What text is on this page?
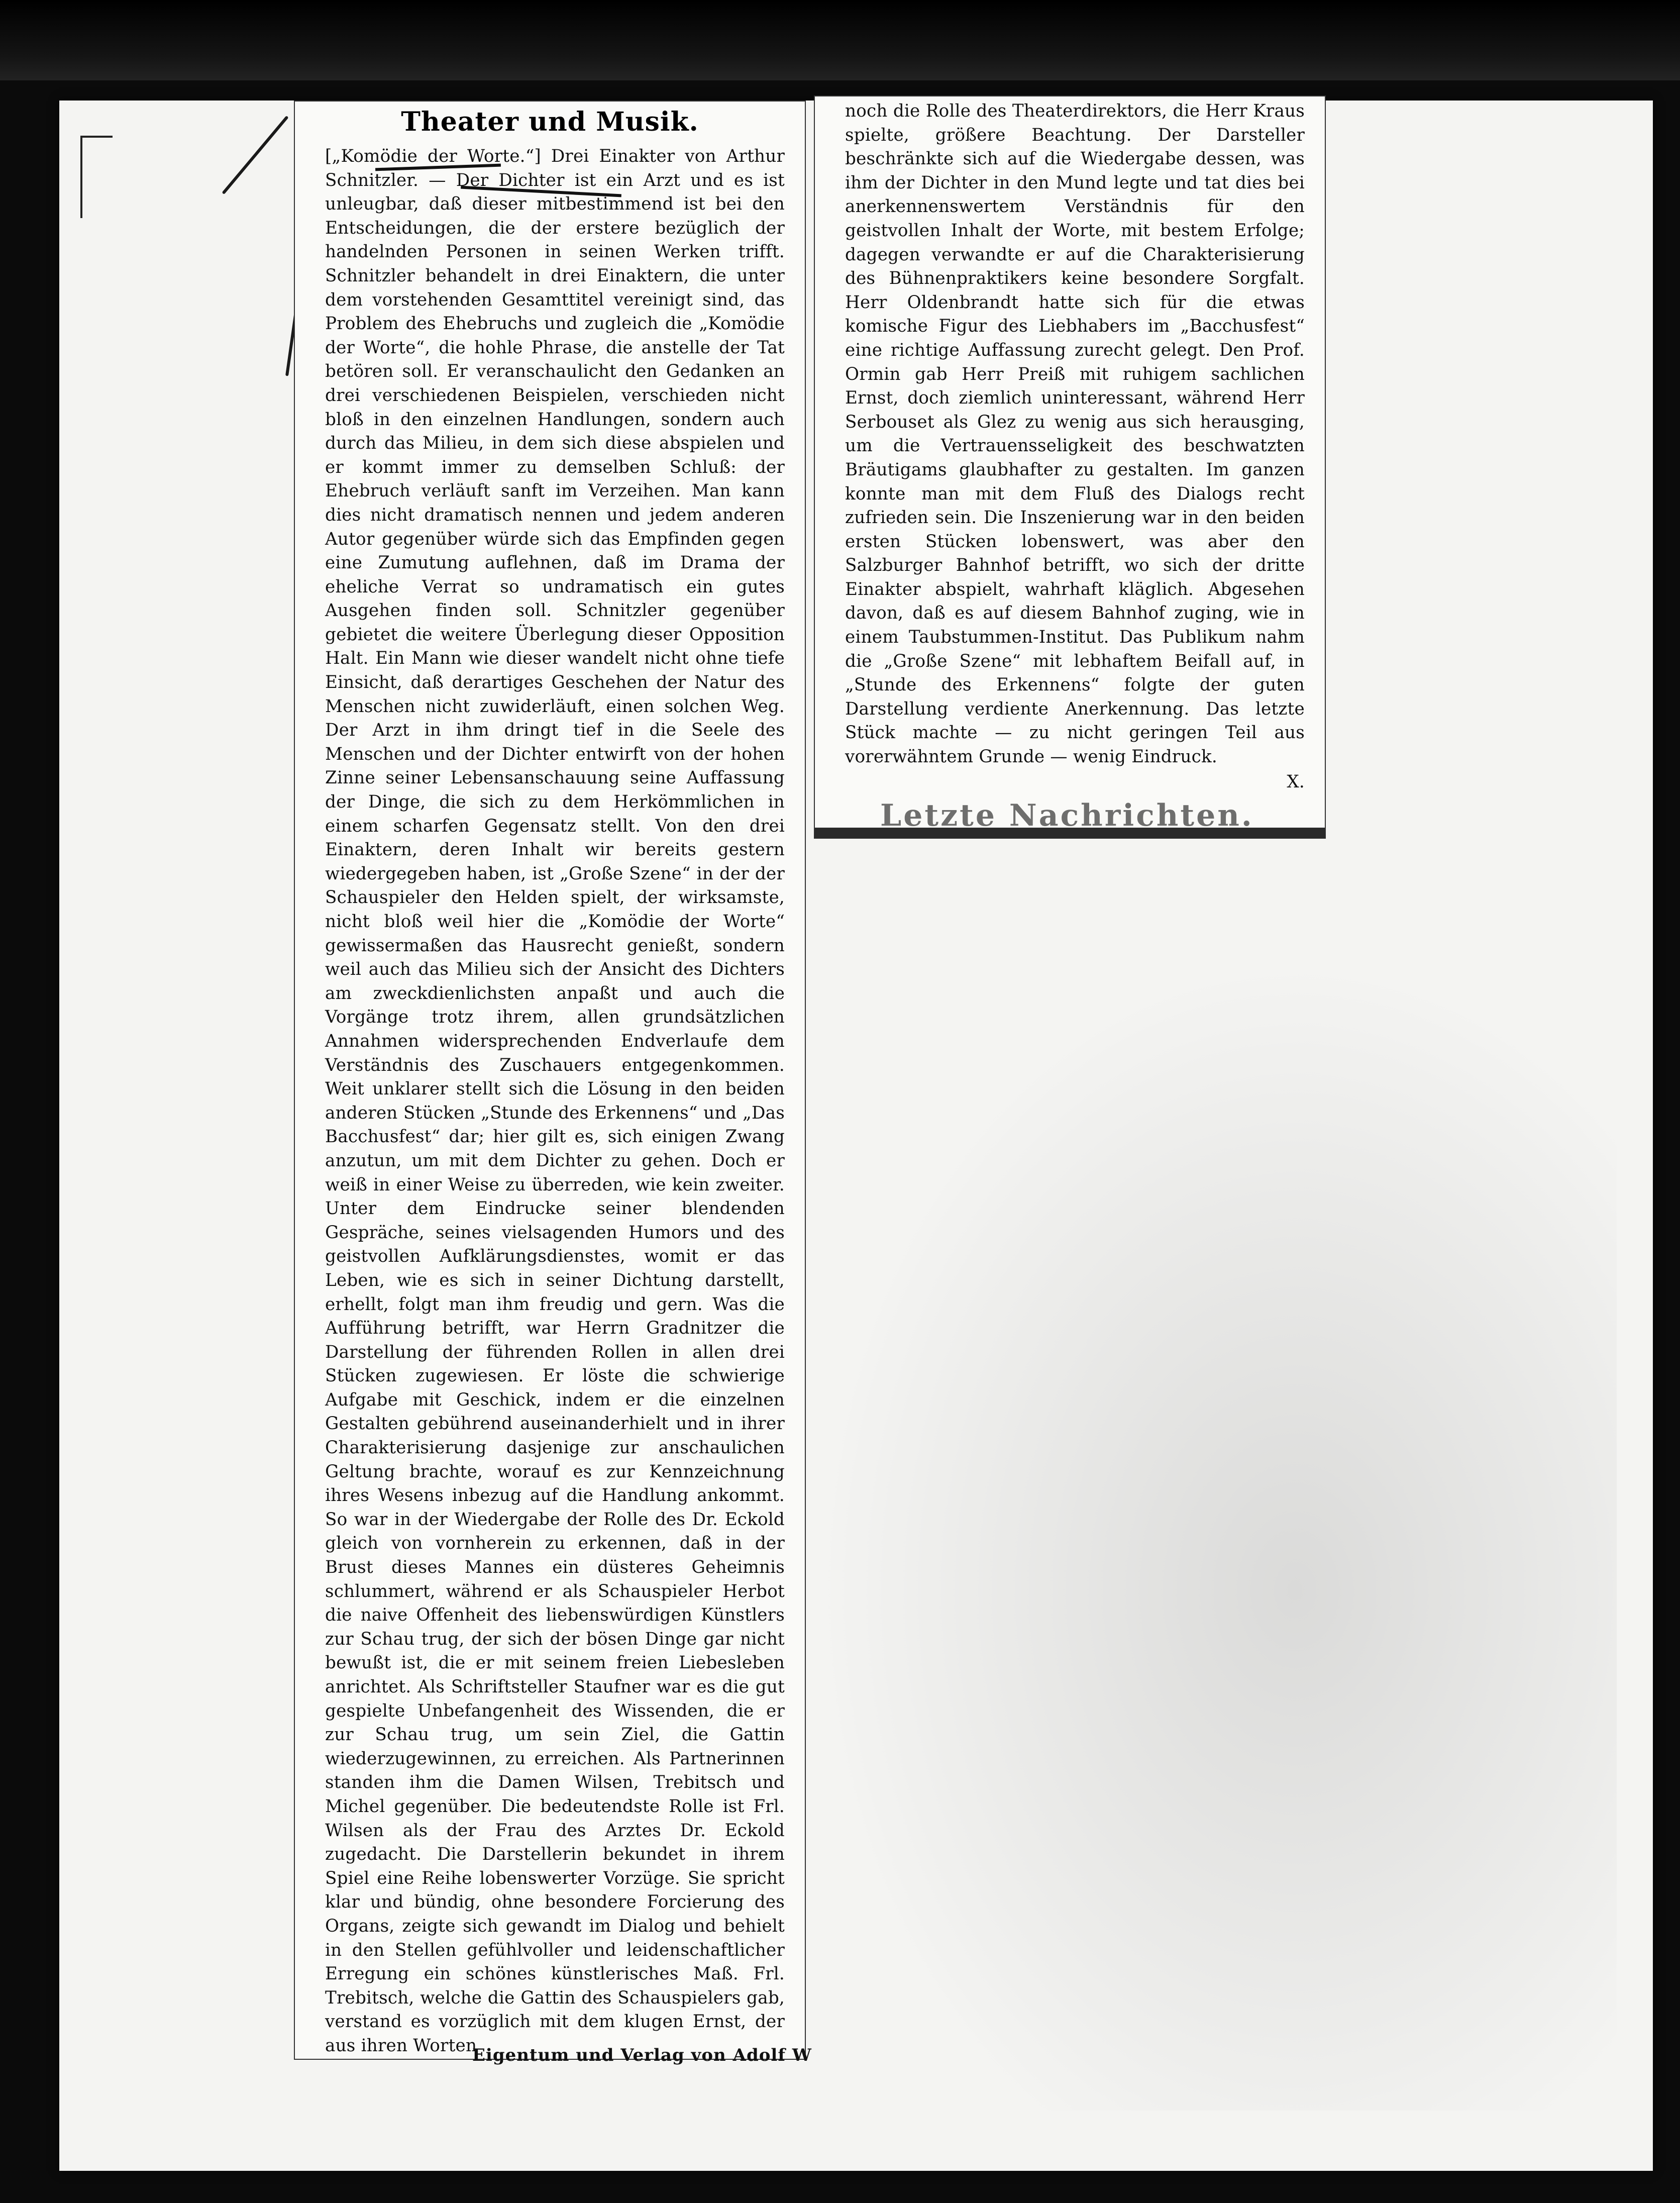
Theater und Musik.

[„Komödie der Worte.“] Drei Einakter von Arthur Schnitzler. — Der Dichter ist ein Arzt und es ist unleugbar, daß dieser mitbestimmend ist bei den Entscheidungen, die der erstere bezüglich der handelnden Personen in seinen Werken trifft. Schnitzler behandelt in drei Einaktern, die unter dem vorstehenden Gesamttitel vereinigt sind, das Problem des Ehebruchs und zugleich die „Komödie der Worte“, die hohle Phrase, die anstelle der Tat betören soll. Er veranschaulicht den Gedanken an drei verschiedenen Beispielen, verschieden nicht bloß in den einzelnen Handlungen, sondern auch durch das Milieu, in dem sich diese abspielen und er kommt immer zu demselben Schluß: der Ehebruch verläuft sanft im Verzeihen. Man kann dies nicht dramatisch nennen und jedem anderen Autor gegenüber würde sich das Empfinden gegen eine Zumutung auflehnen, daß im Drama der eheliche Verrat so undramatisch ein gutes Ausgehen finden soll. Schnitzler gegenüber gebietet die weitere Überlegung dieser Opposition Halt. Ein Mann wie dieser wandelt nicht ohne tiefe Einsicht, daß derartiges Geschehen der Natur des Menschen nicht zuwiderläuft, einen solchen Weg. Der Arzt in ihm dringt tief in die Seele des Menschen und der Dichter entwirft von der hohen Zinne seiner Lebensanschauung seine Auffassung der Dinge, die sich zu dem Herkömmlichen in einem scharfen Gegensatz stellt. Von den drei Einaktern, deren Inhalt wir bereits gestern wiedergegeben haben, ist „Große Szene“ in der der Schauspieler den Helden spielt, der wirksamste, nicht bloß weil hier die „Komödie der Worte“ gewissermaßen das Hausrecht genießt, sondern weil auch das Milieu sich der Ansicht des Dichters am zweckdienlichsten anpaßt und auch die Vorgänge trotz ihrem, allen grundsätzlichen Annahmen widersprechenden Endverlaufe dem Verständnis des Zuschauers entgegenkommen. Weit unklarer stellt sich die Lösung in den beiden anderen Stücken „Stunde des Erkennens“ und „Das Bacchusfest“ dar; hier gilt es, sich einigen Zwang anzutun, um mit dem Dichter zu gehen. Doch er weiß in einer Weise zu überreden, wie kein zweiter. Unter dem Eindrucke seiner blendenden Gespräche, seines vielsagenden Humors und des geistvollen Aufklärungsdienstes, womit er das Leben, wie es sich in seiner Dichtung darstellt, erhellt, folgt man ihm freudig und gern. Was die Aufführung betrifft, war Herrn Gradnitzer die Darstellung der führenden Rollen in allen drei Stücken zugewiesen. Er löste die schwierige Aufgabe mit Geschick, indem er die einzelnen Gestalten gebührend auseinanderhielt und in ihrer Charakterisierung dasjenige zur anschaulichen Geltung brachte, worauf es zur Kennzeichnung ihres Wesens inbezug auf die Handlung ankommt. So war in der Wiedergabe der Rolle des Dr. Eckold gleich von vornherein zu erkennen, daß in der Brust dieses Mannes ein düsteres Geheimnis schlummert, während er als Schauspieler Herbot die naive Offenheit des liebenswürdigen Künstlers zur Schau trug, der sich der bösen Dinge gar nicht bewußt ist, die er mit seinem freien Liebesleben anrichtet. Als Schriftsteller Staufner war es die gut gespielte Unbefangenheit des Wissenden, die er zur Schau trug, um sein Ziel, die Gattin wiederzugewinnen, zu erreichen. Als Partnerinnen standen ihm die Damen Wilsen, Trebitsch und Michel gegenüber. Die bedeutendste Rolle ist Frl. Wilsen als der Frau des Arztes Dr. Eckold zugedacht. Die Darstellerin bekundet in ihrem Spiel eine Reihe lobenswerter Vorzüge. Sie spricht klar und bündig, ohne besondere Forcierung des Organs, zeigte sich gewandt im Dialog und behielt in den Stellen gefühlvoller und leidenschaftlicher Erregung ein schönes künstlerisches Maß. Frl. Trebitsch, welche die Gattin des Schauspielers gab, verstand es vorzüglich mit dem klugen Ernst, der aus ihren Worten

noch die Rolle des Theaterdirektors, die Herr Kraus spielte, größere Beachtung. Der Darsteller beschränkte sich auf die Wiedergabe dessen, was ihm der Dichter in den Mund legte und tat dies bei anerkennenswertem Verständnis für den geistvollen Inhalt der Worte, mit bestem Erfolge; dagegen verwandte er auf die Charakterisierung des Bühnenpraktikers keine besondere Sorgfalt. Herr Oldenbrandt hatte sich für die etwas komische Figur des Liebhabers im „Bacchusfest“ eine richtige Auffassung zurecht gelegt. Den Prof. Ormin gab Herr Preiß mit ruhigem sachlichen Ernst, doch ziemlich uninteressant, während Herr Serbouset als Glez zu wenig aus sich herausging, um die Vertrauensseligkeit des beschwatzten Bräutigams glaubhafter zu gestalten. Im ganzen konnte man mit dem Fluß des Dialogs recht zufrieden sein. Die Inszenierung war in den beiden ersten Stücken lobenswert, was aber den Salzburger Bahnhof betrifft, wo sich der dritte Einakter abspielt, wahrhaft kläglich. Abgesehen davon, daß es auf diesem Bahnhof zuging, wie in einem Taubstummen-Institut. Das Publikum nahm die „Große Szene“ mit lebhaftem Beifall auf, in „Stunde des Erkennens“ folgte der guten Darstellung verdiente Anerkennung. Das letzte Stück machte — zu nicht geringen Teil aus vorerwähntem Grunde — wenig Eindruck.

X.
Letzte Nachrichten.
Eigentum und Verlag von Adolf W
